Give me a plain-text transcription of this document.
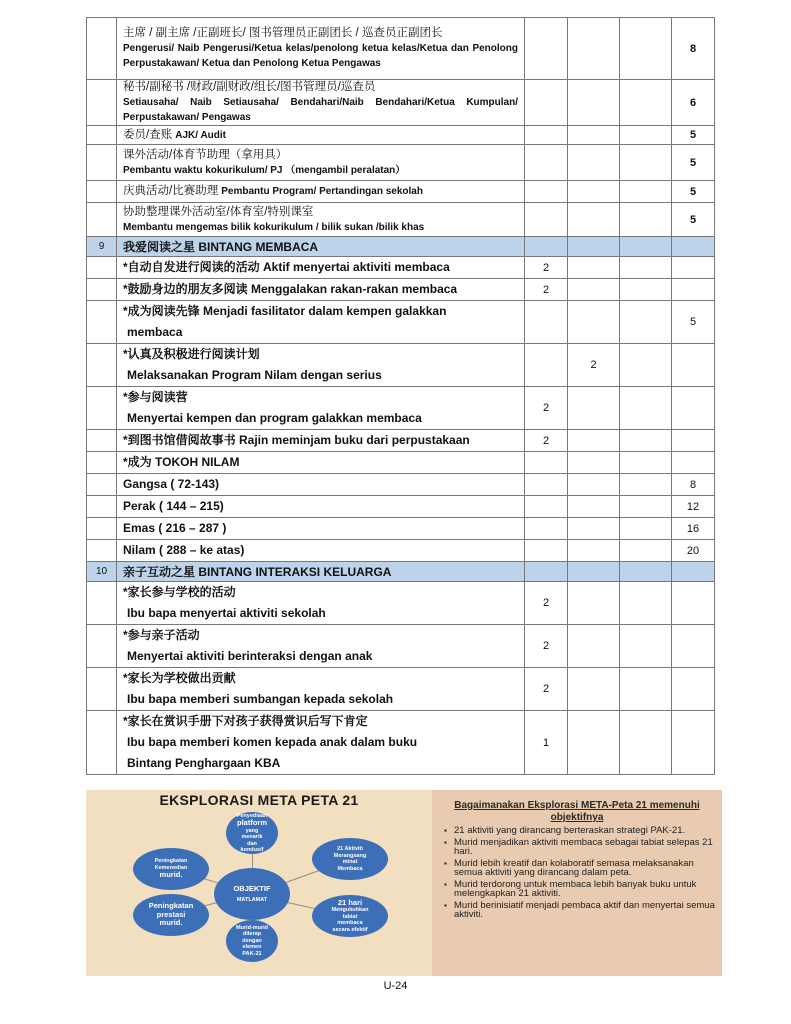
	主席 / 副主席 /正副班长/ 图书管理员正副团长 / 巡查员正副团长
Pengerusi/ Naib Pengerusi/Ketua kelas/penolong ketua kelas/Ketua dan Penolong Perpustakawan/ Ketua dan Penolong Ketua Pengawas				8

	秘书/副秘书 /财政/副财政/组长/图书管理员/巡查员
Setiausaha/ Naib Setiausaha/ Bendahari/Naib Bendahari/Ketua Kumpulan/ Perpustakawan/ Pengawas				6
	委员/查账 AJK/ Audit				5

	课外活动/体育节助理（拿用具）
Pembantu waktu kokurikulum/ PJ （mengambil peralatan）				5
	庆典活动/比赛助理 Pembantu Program/ Pertandingan sekolah				5

	协助整理课外活动室/体育室/特别课室
Membantu mengemas bilik kokurikulum / bilik sukan /bilik khas				5
9	我爱阅读之星 BINTANG MEMBACA				

	*自动自发进行阅读的活动 Aktif menyertai aktiviti membaca	2			

	*鼓励身边的朋友多阅读 Menggalakan rakan-rakan membaca	2			

	*成为阅读先锋 Menjadi fasilitator dalam kempen galakkan
membaca				5

	*认真及积极进行阅读计划
Melaksanakan Program Nilam dengan serius		2		

	*参与阅读营
Menyertai kempen dan program galakkan membaca	2			

	*到图书馆借阅故事书 Rajin meminjam buku dari perpustakaan	2			

	*成为 TOKOH NILAM				

	Gangsa ( 72-143)				8

	Perak ( 144 – 215)				12

	Emas ( 216 – 287 )				16

	Nilam ( 288 – ke atas)				20
10	亲子互动之星 BINTANG INTERAKSI KELUARGA				

	*家长参与学校的活动
Ibu bapa menyertai aktiviti sekolah	2			

	*参与亲子活动
Menyertai aktiviti berinteraksi dengan anak	2			

	*家长为学校做出贡献
Ibu bapa memberi sumbangan kepada sekolah	2			

	*家长在赏识手册下对孩子获得赏识后写下肯定
Ibu bapa memberi komen kepada anak dalam buku
Bintang Penghargaan KBA	1			
EKSPLORASI META PETA 21
Penyediaan
platform
yang
menarik
dan
kondusif	21 Aktiviti
Merangsang
minat
Membaca
21 hari
Mengukuhkan
tabiat
membaca
secara efektif
Murid-murid
diterap
dengan
elemen
PAK-21
Peningkatan
prestasi
murid.
Peningkatan
Kemenedian
murid.
OBJEKTIF
MATLAMAT
Bagaimanakan Eksplorasi META-Peta 21 memenuhi objektifnya
▪ 21 aktiviti yang dirancang berteraskan strategi PAK-21.
▪ Murid menjadikan aktiviti membaca sebagai tabiat selepas 21 hari.
▪ Murid lebih kreatif dan kolaboratif semasa melaksanakan semua aktiviti yang dirancang dalam peta.
▪ Murid terdorong untuk membaca lebih banyak buku untuk melengkapkan 21 aktiviti.
▪ Murid berinisiatif menjadi pembaca aktif dan menyertai semua aktiviti.
U-24
